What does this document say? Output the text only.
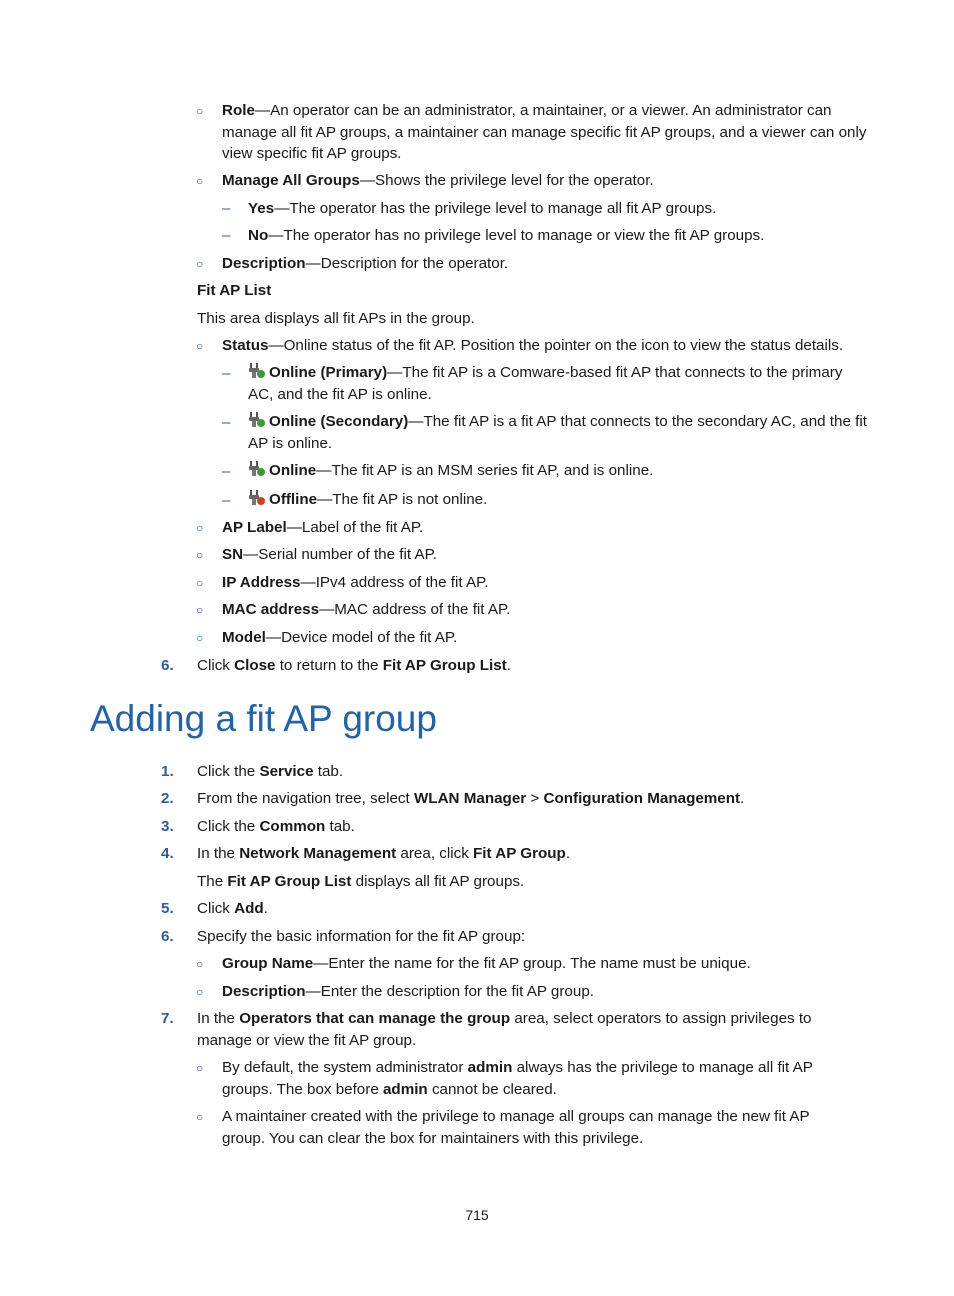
○ Role—An operator can be an administrator, a maintainer, or a viewer. An administrator can manage all fit AP groups, a maintainer can manage specific fit AP groups, and a viewer can only view specific fit AP groups.
○ Manage All Groups—Shows the privilege level for the operator.
– Yes—The operator has the privilege level to manage all fit AP groups.
– No—The operator has no privilege level to manage or view the fit AP groups.
○ Description—Description for the operator.
Fit AP List
This area displays all fit APs in the group.
○ Status—Online status of the fit AP. Position the pointer on the icon to view the status details.
–	Online (Primary)—The fit AP is a Comware-based fit AP that connects to the primary AC, and the fit AP is online.
–	Online (Secondary)—The fit AP is a fit AP that connects to the secondary AC, and the fit AP is online.
–	Online—The fit AP is an MSM series fit AP, and is online.
–	Offline—The fit AP is not online.
○ AP Label—Label of the fit AP.
○ SN—Serial number of the fit AP.
○ IP Address—IPv4 address of the fit AP.
○ MAC address—MAC address of the fit AP.
○ Model—Device model of the fit AP.
6. Click Close to return to the Fit AP Group List.
Adding a fit AP group
1. Click the Service tab.
2. From the navigation tree, select WLAN Manager > Configuration Management.
3. Click the Common tab.
4. In the Network Management area, click Fit AP Group.
The Fit AP Group List displays all fit AP groups.
5. Click Add.
6. Specify the basic information for the fit AP group:
○ Group Name—Enter the name for the fit AP group. The name must be unique.
○ Description—Enter the description for the fit AP group.
7. In the Operators that can manage the group area, select operators to assign privileges to manage or view the fit AP group.
○ By default, the system administrator admin always has the privilege to manage all fit AP groups. The box before admin cannot be cleared.
○ A maintainer created with the privilege to manage all groups can manage the new fit AP group. You can clear the box for maintainers with this privilege.
715
